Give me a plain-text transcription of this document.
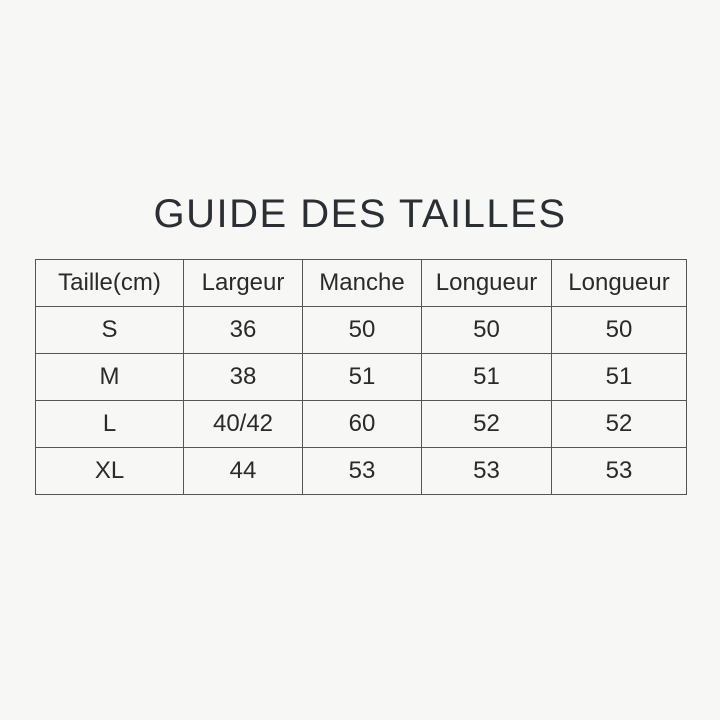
GUIDE DES TAILLES
Taille(cm)	Largeur	Manche	Longueur	Longueur
S	36	50	50	50
M	38	51	51	51
L	40/42	60	52	52
XL	44	53	53	53
